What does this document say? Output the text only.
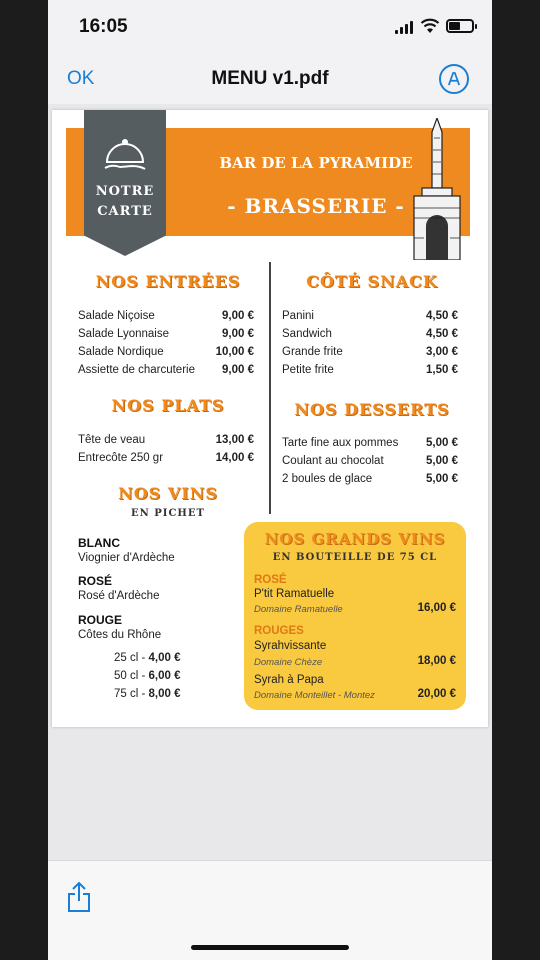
16:05
OK	MENU v1.pdf
NOTRE
CARTE
BAR DE LA PYRAMIDE
- BRASSERIE -
NOS ENTRÉES
Salade Niçoise	9,00 €
Salade Lyonnaise	9,00 €
Salade Nordique	10,00 €
Assiette de charcuterie 9,00 €
CÔTÉ SNACK
Panini	4,50 €
Sandwich	4,50 €
Grande frite	3,00 €
Petite frite	1,50 €
NOS PLATS
Tête de veau	13,00 €
Entrecôte 250 gr	14,00 €
NOS DESSERTS
Tarte fine aux pommes 5,00 €
Coulant au chocolat	5,00 €
2 boules de glace	5,00 €
NOS VINS
EN PICHET
BLANC
Viognier d'Ardèche
ROSÉ
Rosé d'Ardèche
ROUGE
Côtes du Rhône
25 cl - 4,00 €
50 cl - 6,00 €
75 cl - 8,00 €
NOS GRANDS VINS
EN BOUTEILLE DE 75 CL
ROSÉ
P'tit Ramatuelle
Domaine Ramatuelle	16,00 €
ROUGES
Syrahvissante
Domaine Chèze	18,00 €
Syrah à Papa
Domaine Monteillet - Montez	20,00 €
